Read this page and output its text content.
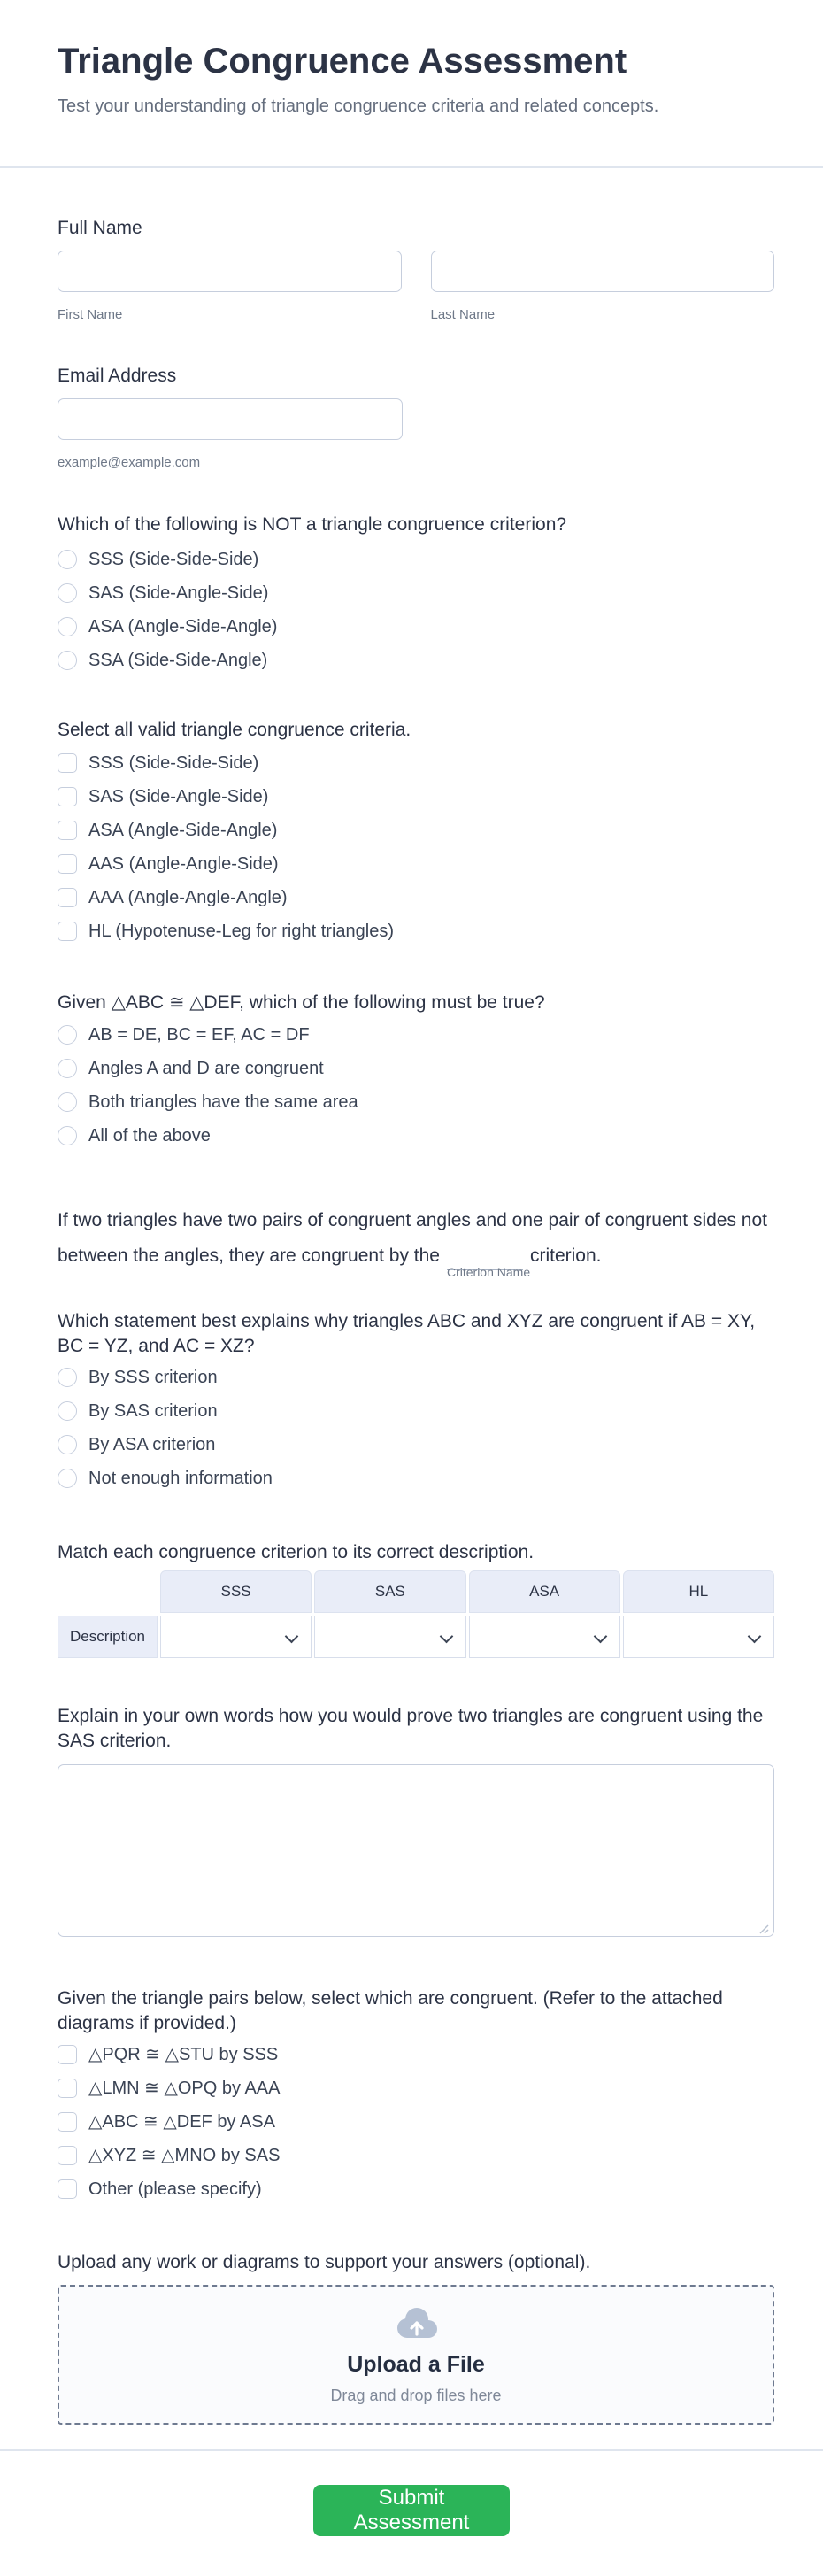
Triangle Congruence Assessment
Test your understanding of triangle congruence criteria and related concepts.
Full Name
First Name	Last Name
Email Address
example@example.com
Which of the following is NOT a triangle congruence criterion?
SSS (Side-Side-Side)
SAS (Side-Angle-Side)
ASA (Angle-Side-Angle)
SSA (Side-Side-Angle)
Select all valid triangle congruence criteria.
SSS (Side-Side-Side)
SAS (Side-Angle-Side)
ASA (Angle-Side-Angle)
AAS (Angle-Angle-Side)
AAA (Angle-Angle-Angle)
HL (Hypotenuse-Leg for right triangles)
Given △ABC ≅ △DEF, which of the following must be true?
AB = DE, BC = EF, AC = DF
Angles A and D are congruent
Both triangles have the same area
All of the above
If two triangles have two pairs of congruent angles and one pair of congruent sides not between the angles, they are congruent by the
Criterion Name
criterion.
Which statement best explains why triangles ABC and XYZ are congruent if AB = XY, BC = YZ, and AC = XZ?
By SSS criterion
By SAS criterion
By ASA criterion
Not enough information
Match each congruence criterion to its correct description.
SSS	SAS	ASA	HL
Description
Explain in your own words how you would prove two triangles are congruent using the SAS criterion.
Given the triangle pairs below, select which are congruent. (Refer to the attached diagrams if provided.)
△PQR ≅ △STU by SSS
△LMN ≅ △OPQ by AAA
△ABC ≅ △DEF by ASA
△XYZ ≅ △MNO by SAS
Other (please specify)
Upload any work or diagrams to support your answers (optional).
Upload a File
Drag and drop files here
Submit Assessment
